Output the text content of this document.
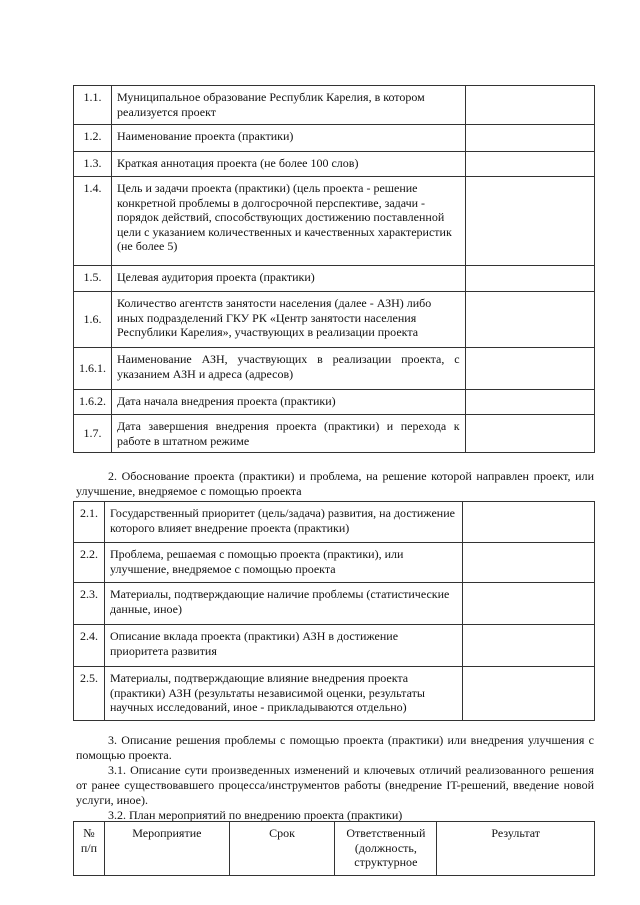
1.1.	Муниципальное образование Республик Карелия, в котором реализуется проект	
1.2.	Наименование проекта (практики)	
1.3.	Краткая аннотация проекта (не более 100 слов)	
1.4.	Цель и задачи проекта (практики) (цель проекта - решение конкретной проблемы в долгосрочной перспективе, задачи - порядок действий, способствующих достижению поставленной цели с указанием количественных и качественных характеристик (не более 5)	
1.5.	Целевая аудитория проекта (практики)	
1.6.	Количество агентств занятости населения (далее - АЗН) либо иных подразделений ГКУ РК «Центр занятости населения Республики Карелия», участвующих в реализации проекта	
1.6.1.	Наименование АЗН, участвующих в реализации проекта, с указанием АЗН и адреса (адресов)	
1.6.2.	Дата начала внедрения проекта (практики)	
1.7.	Дата завершения внедрения проекта (практики) и перехода к работе в штатном режиме	
2. Обоснование проекта (практики) и проблема, на решение которой направлен проект, или улучшение, внедряемое с помощью проекта
2.1.	Государственный приоритет (цель/задача) развития, на достижение которого влияет внедрение проекта (практики)	
2.2.	Проблема, решаемая с помощью проекта (практики), или улучшение, внедряемое с помощью проекта	
2.3.	Материалы, подтверждающие наличие проблемы (статистические данные, иное)	
2.4.	Описание вклада проекта (практики) АЗН в достижение приоритета развития	
2.5.	Материалы, подтверждающие влияние внедрения проекта (практики) АЗН (результаты независимой оценки, результаты научных исследований, иное - прикладываются отдельно)	
3. Описание решения проблемы с помощью проекта (практики) или внедрения улучшения с помощью проекта.
3.1. Описание сути произведенных изменений и ключевых отличий реализованного решения от ранее существовавшего процесса/инструментов работы (внедрение IT-решений, введение новой услуги, иное).
3.2. План мероприятий по внедрению проекта (практики)
№ п/п	Мероприятие	Срок	Ответственный (должность, структурное	Результат
